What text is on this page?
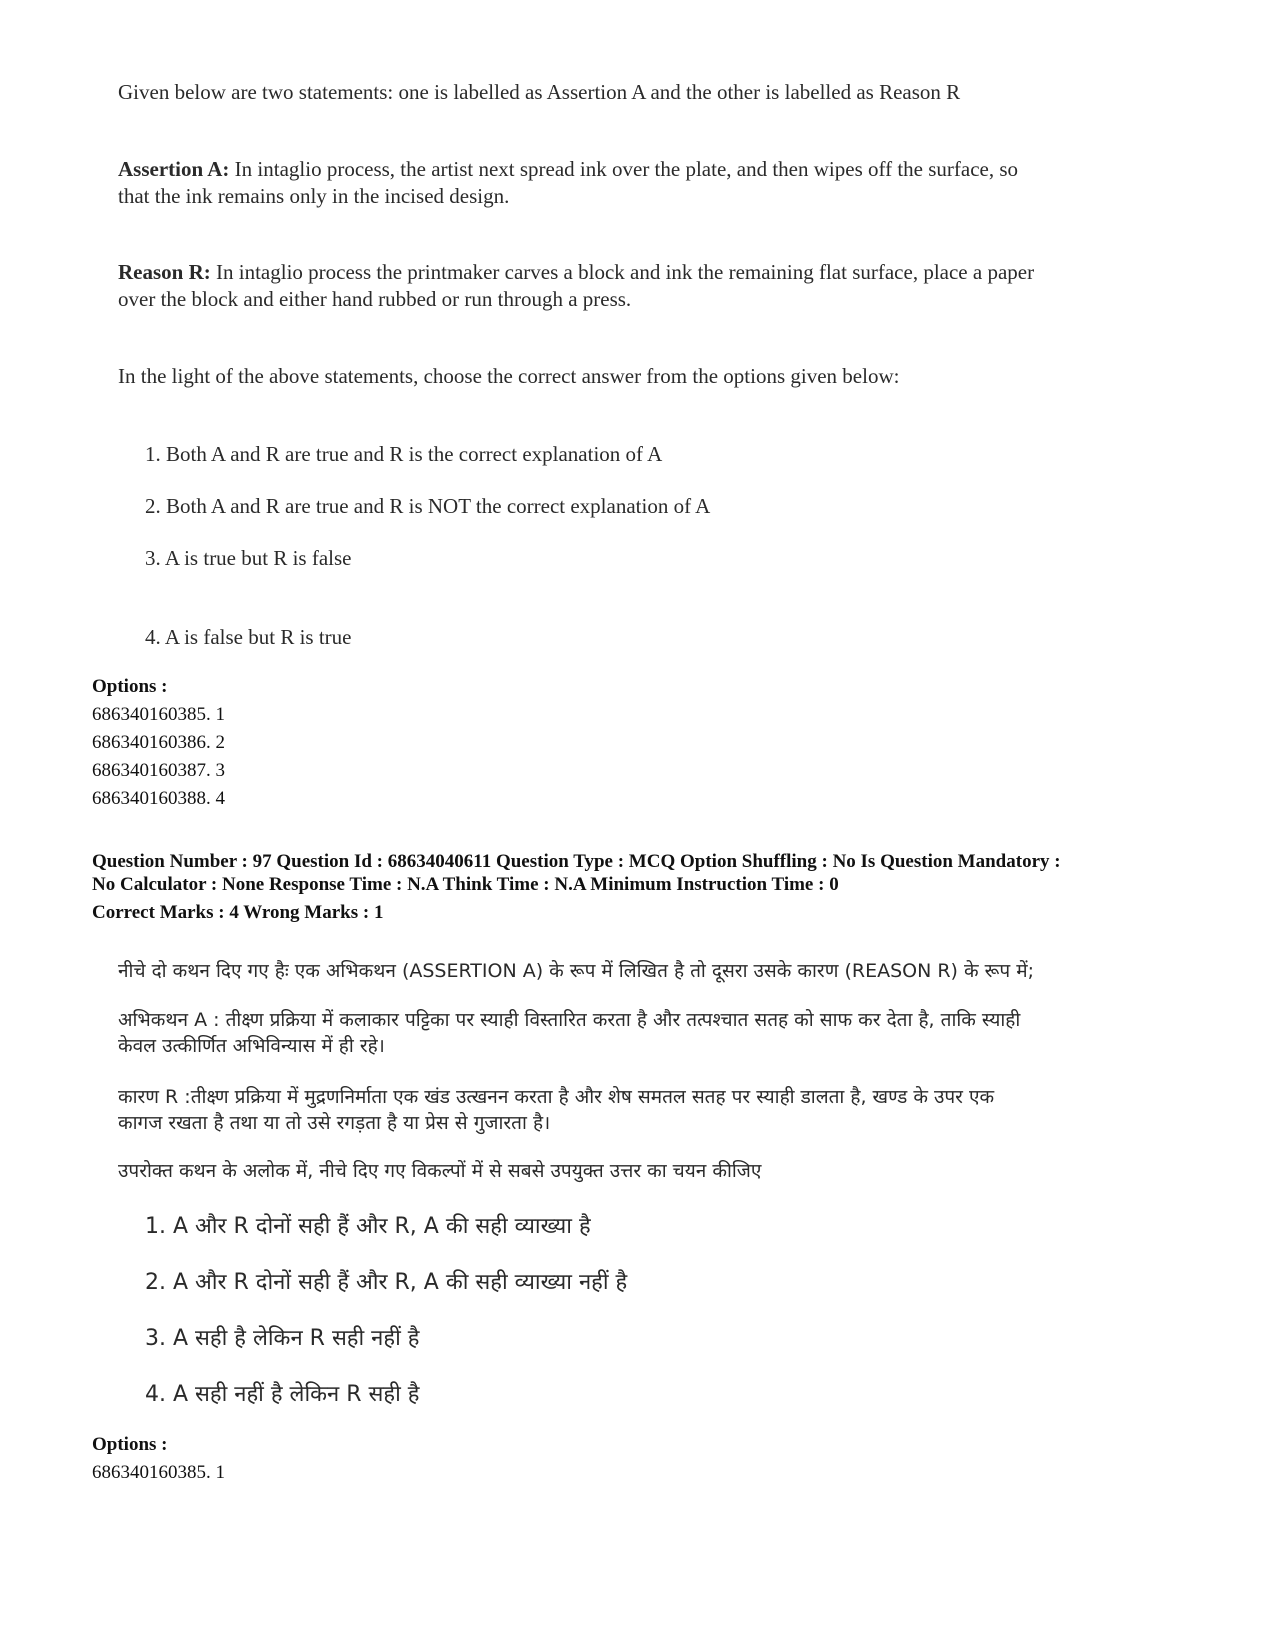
Given below are two statements: one is labelled as Assertion A and the other is labelled as Reason R
Assertion A: In intaglio process, the artist next spread ink over the plate, and then wipes off the surface, so
that the ink remains only in the incised design.
Reason R: In intaglio process the printmaker carves a block and ink the remaining flat surface, place a paper
over the block and either hand rubbed or run through a press.
In the light of the above statements, choose the correct answer from the options given below:
1. Both A and R are true and R is the correct explanation of A
2. Both A and R are true and R is NOT the correct explanation of A
3. A is true but R is false
4. A is false but R is true
Options :
686340160385. 1
686340160386. 2
686340160387. 3
686340160388. 4
Question Number : 97 Question Id : 68634040611 Question Type : MCQ Option Shuffling : No Is Question Mandatory :
No Calculator : None Response Time : N.A Think Time : N.A Minimum Instruction Time : 0
Correct Marks : 4 Wrong Marks : 1
नीचे दो कथन दिए गए हैः एक अभिकथन (ASSERTION A) के रूप में लिखित है तो दूसरा उसके कारण (REASON R) के रूप में;
अभिकथन A : तीक्ष्ण प्रक्रिया में कलाकार पट्टिका पर स्याही विस्तारित करता है और तत्पश्चात सतह को साफ कर देता है, ताकि स्याही
केवल उत्कीर्णित अभिविन्यास में ही रहे।
कारण R :तीक्ष्ण प्रक्रिया में मुद्रणनिर्माता एक खंड उत्खनन करता है और शेष समतल सतह पर स्याही डालता है, खण्ड के उपर एक
कागज रखता है तथा या तो उसे रगड़ता है या प्रेस से गुजारता है।
उपरोक्त कथन के अलोक में, नीचे दिए गए विकल्पों में से सबसे उपयुक्त उत्तर का चयन कीजिए
1. A और R दोनों सही हैं और R, A की सही व्याख्या है
2. A और R दोनों सही हैं और R, A की सही व्याख्या नहीं है
3. A सही है लेकिन R सही नहीं है
4. A सही नहीं है लेकिन R सही है
Options :
686340160385. 1
